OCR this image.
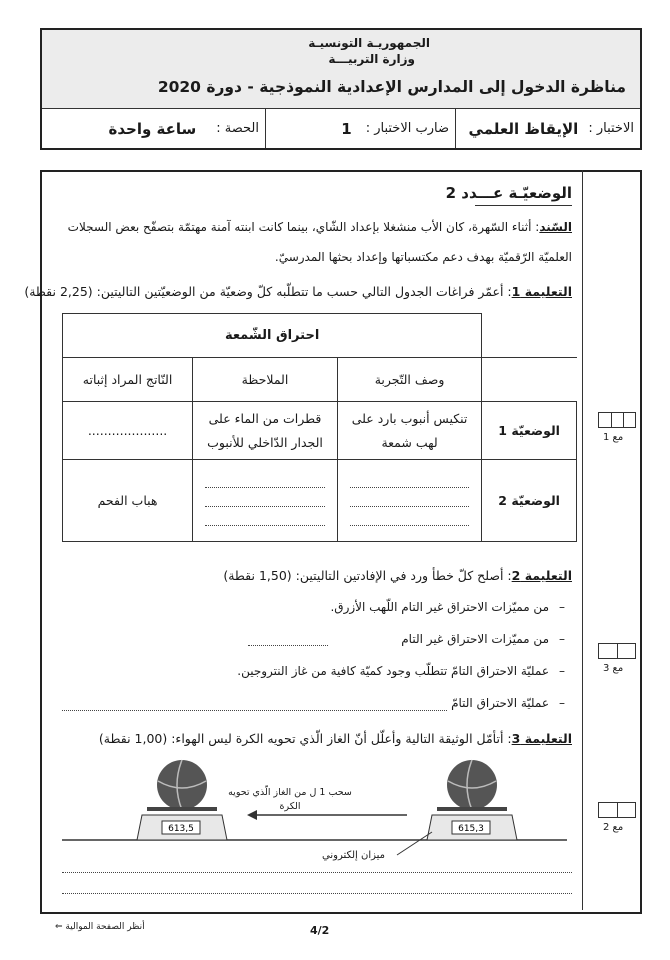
الجمهوريـة التونسيـة
وزارة التربيـــة
مناظرة الدخول إلى المدارس الإعدادية النموذجية - دورة 2020
الاختبار :
الإيقاظ العلمي
ضارب الاختبار :
1
الحصة :
ساعة واحدة
الوضعيّـة عـــدد 2
السّند: أثناء السّهرة، كان الأب منشغلا بإعداد الشّاي، بينما كانت ابنته آمنة مهتمّة بتصفّح بعض السجلات
العلميّة الرّقميّة بهدف دعم مكتسباتها وإعداد بحثها المدرسيّ.
التعليمة 1: أعمّر فراغات الجدول التالي حسب ما تتطلّبه كلّ وضعيّة من الوضعيّتين التاليتين: (2,25 نقطة)
	احتراق الشّمعة		
	وصف التّجربة	الملاحظة	النّاتج المراد إثباته
الوضعيّة 1	تنكيس أنبوب بارد على لهب شمعة	قطرات من الماء على الجدار الدّاخلي للأنبوب	....................
الوضعيّة 2			هباب الفحم
التعليمة 2: أصلح كلّ خطأ ورد في الإفادتين التاليتين: (1,50 نقطة)
–من مميّزات الاحتراق غير التام اللّهب الأزرق.
–من مميّزات الاحتراق غير التام
–عمليّة الاحتراق التامّ تتطلّب وجود كميّة كافية من غاز النتروجين.
–عمليّة الاحتراق التامّ
التعليمة 3: أتأمّل الوثيقة التالية وأعلّل أنّ الغاز الّذي تحويه الكرة ليس الهواء: (1,00 نقطة)
613,5	615,3
سحب 1 ل من الغاز الّذي تحويه الكرة
ميزان إلكتروني
مع 1
مع 3
مع 2
أنظر الصفحة الموالية ⇐	4/2
